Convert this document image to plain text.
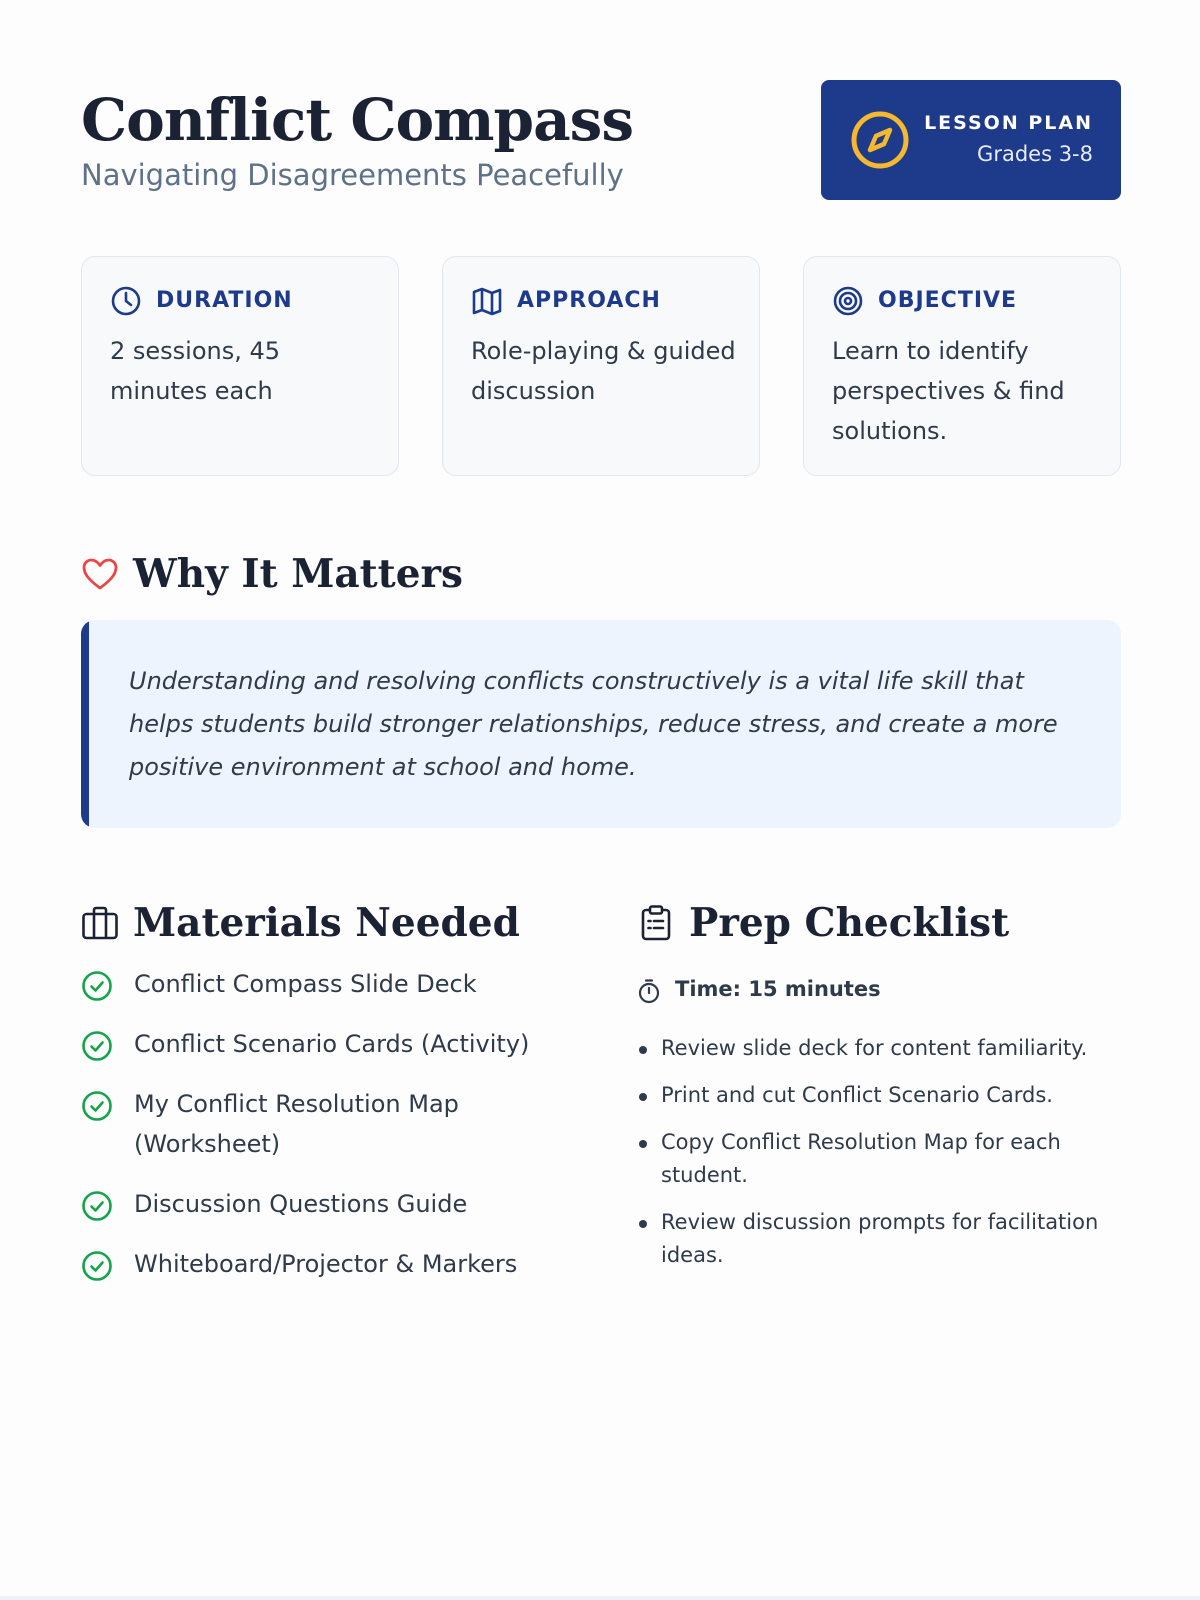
Conflict Compass

Navigating Disagreements Peacefully

LESSON PLAN
Grades 3-8
DURATION
2 sessions, 45 minutes each
APPROACH
Role-playing & guided discussion
OBJECTIVE
Learn to identify perspectives & find solutions.
Why It Matters
Understanding and resolving conflicts constructively is a vital life skill that helps students build stronger relationships, reduce stress, and create a more positive environment at school and home.
Materials Needed
Conflict Compass Slide Deck
Conflict Scenario Cards (Activity)
My Conflict Resolution Map (Worksheet)
Discussion Questions Guide
Whiteboard/Projector & Markers
Prep Checklist
Time: 15 minutes
Review slide deck for content familiarity.
Print and cut Conflict Scenario Cards.
Copy Conflict Resolution Map for each student.
Review discussion prompts for facilitation ideas.
